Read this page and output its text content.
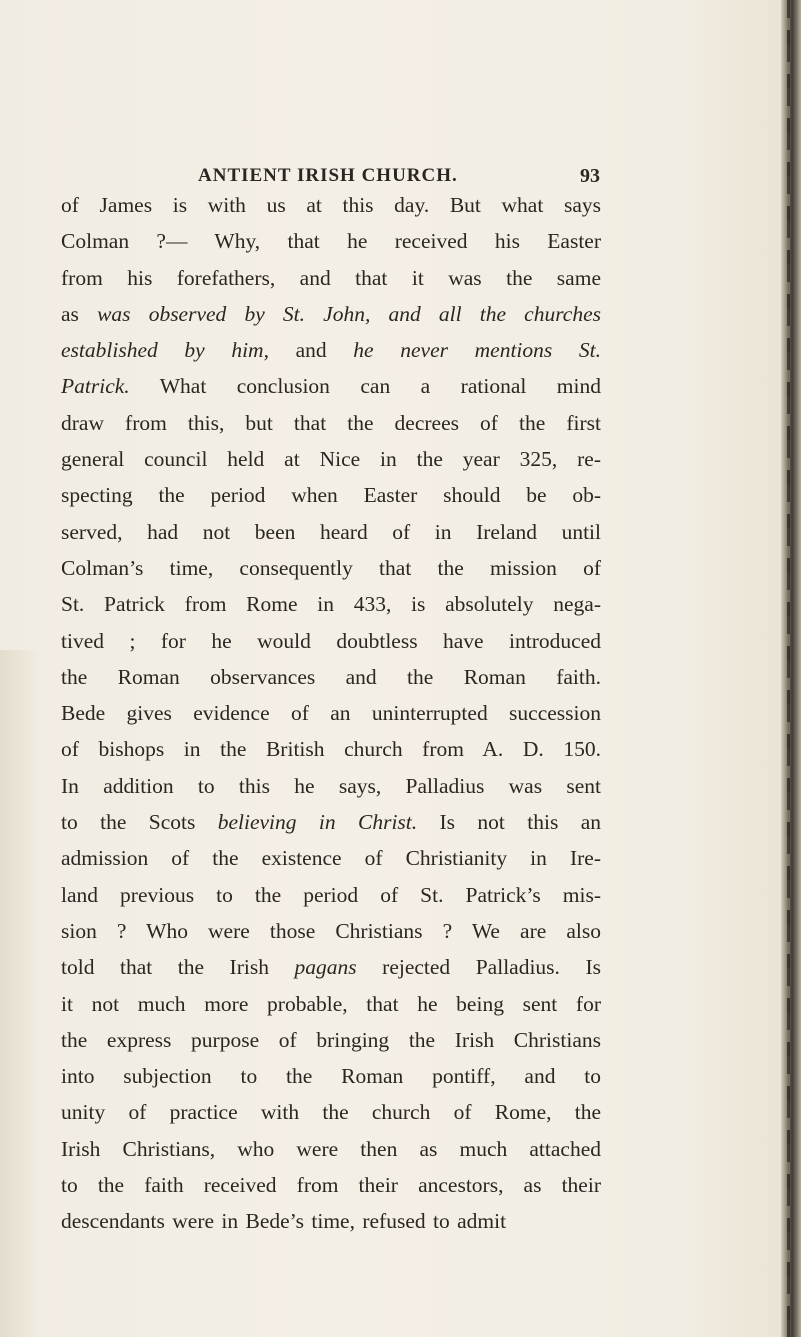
ANTIENT IRISH CHURCH.	93
of James is with us at this day. But what says
Colman ?— Why, that he received his Easter
from his forefathers, and that it was the same
as was observed by St. John, and all the churches
established by him, and he never mentions St.
Patrick. What conclusion can a rational mind
draw from this, but that the decrees of the first
general council held at Nice in the year 325, re-
specting the period when Easter should be ob-
served, had not been heard of in Ireland until
Colman’s time, consequently that the mission of
St. Patrick from Rome in 433, is absolutely nega-
tived ; for he would doubtless have introduced
the Roman observances and the Roman faith.
Bede gives evidence of an uninterrupted succession
of bishops in the British church from A. D. 150.
In addition to this he says, Palladius was sent
to the Scots believing in Christ. Is not this an
admission of the existence of Christianity in Ire-
land previous to the period of St. Patrick’s mis-
sion ? Who were those Christians ? We are also
told that the Irish pagans rejected Palladius. Is
it not much more probable, that he being sent for
the express purpose of bringing the Irish Christians
into subjection to the Roman pontiff, and to
unity of practice with the church of Rome, the
Irish Christians, who were then as much attached
to the faith received from their ancestors, as their
descendants were in Bede’s time, refused to admit
